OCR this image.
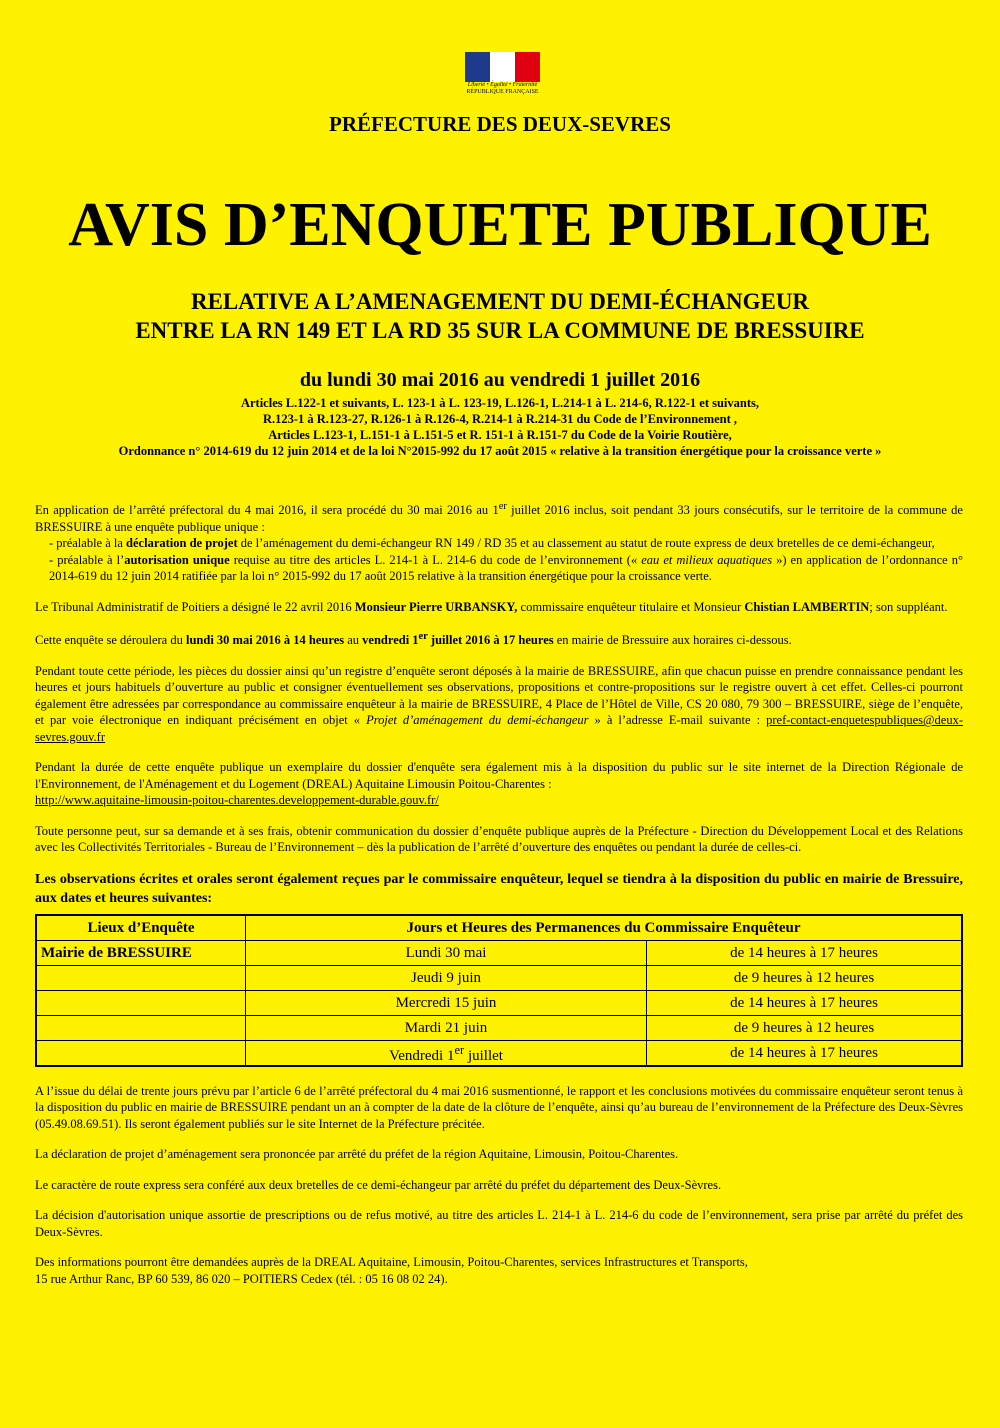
Liberté • Égalité • Fraternité
RÉPUBLIQUE FRANÇAISE
PRÉFECTURE DES DEUX-SEVRES
AVIS D’ENQUETE PUBLIQUE
RELATIVE A L’AMENAGEMENT DU DEMI-ÉCHANGEUR
ENTRE LA RN 149 ET LA RD 35 SUR LA COMMUNE DE BRESSUIRE
du lundi 30 mai 2016 au vendredi 1 juillet 2016
Articles L.122-1 et suivants, L. 123-1 à L. 123-19, L.126-1, L.214-1 à L. 214-6, R.122-1 et suivants,
R.123-1 à R.123-27, R.126-1 à R.126-4, R.214-1 à R.214-31 du Code de l’Environnement ,
Articles L.123-1, L.151-1 à L.151-5 et R. 151-1 à R.151-7 du Code de la Voirie Routière,
Ordonnance n° 2014-619 du 12 juin 2014 et de la loi N°2015-992 du 17 août 2015 « relative à la transition énergétique pour la croissance verte »

En application de l’arrêté préfectoral du 4 mai 2016, il sera procédé du 30 mai 2016 au 1er juillet 2016 inclus, soit pendant 33 jours consécutifs, sur le territoire de la commune de BRESSUIRE à une enquête publique unique :
- préalable à la déclaration de projet de l’aménagement du demi-échangeur RN 149 / RD 35 et au classement au statut de route express de deux bretelles de ce demi-échangeur,
- préalable à l’autorisation unique requise au titre des articles L. 214-1 à L. 214-6 du code de l’environnement (« eau et milieux aquatiques ») en application de l’ordonnance n° 2014-619 du 12 juin 2014 ratifiée par la loi n° 2015-992 du 17 août 2015 relative à la transition énergétique pour la croissance verte.

Le Tribunal Administratif de Poitiers a désigné le 22 avril 2016 Monsieur Pierre URBANSKY, commissaire enquêteur titulaire et Monsieur Chistian LAMBERTIN; son suppléant.

Cette enquête se déroulera du lundi 30 mai 2016 à 14 heures au vendredi 1er juillet 2016 à 17 heures en mairie de Bressuire aux horaires ci-dessous.

Pendant toute cette période, les pièces du dossier ainsi qu’un registre d’enquête seront déposés à la mairie de BRESSUIRE, afin que chacun puisse en prendre connaissance pendant les heures et jours habituels d’ouverture au public et consigner éventuellement ses observations, propositions et contre-propositions sur le registre ouvert à cet effet. Celles-ci pourront également être adressées par correspondance au commissaire enquêteur à la mairie de BRESSUIRE, 4 Place de l’Hôtel de Ville, CS 20 080, 79 300 – BRESSUIRE, siège de l’enquête, et par voie électronique en indiquant précisément en objet « Projet d’aménagement du demi-échangeur » à l’adresse E-mail suivante : pref-contact-enquetespubliques@deux-sevres.gouv.fr

Pendant la durée de cette enquête publique un exemplaire du dossier d'enquête sera également mis à la disposition du public sur le site internet de la Direction Régionale de l'Environnement, de l'Aménagement et du Logement (DREAL) Aquitaine Limousin Poitou-Charentes :
http://www.aquitaine-limousin-poitou-charentes.developpement-durable.gouv.fr/

Toute personne peut, sur sa demande et à ses frais, obtenir communication du dossier d’enquête publique auprès de la Préfecture - Direction du Développement Local et des Relations avec les Collectivités Territoriales - Bureau de l’Environnement – dès la publication de l’arrêté d’ouverture des enquêtes ou pendant la durée de celles-ci.

Les observations écrites et orales seront également reçues par le commissaire enquêteur, lequel se tiendra à la disposition du public en mairie de Bressuire, aux dates et heures suivantes:

Lieux d’Enquête	Jours et Heures des Permanences du Commissaire Enquêteur	
Mairie de BRESSUIRE	Lundi 30 mai	de 14 heures à 17 heures
	Jeudi 9 juin	de 9 heures à 12 heures
	Mercredi 15 juin	de 14 heures à 17 heures
	Mardi 21 juin	de 9 heures à 12 heures
	Vendredi 1er juillet	de 14 heures à 17 heures

A l’issue du délai de trente jours prévu par l’article 6 de l’arrêté préfectoral du 4 mai 2016 susmentionné, le rapport et les conclusions motivées du commissaire enquêteur seront tenus à la disposition du public en mairie de BRESSUIRE pendant un an à compter de la date de la clôture de l’enquête, ainsi qu’au bureau de l’environnement de la Préfecture des Deux-Sèvres (05.49.08.69.51). Ils seront également publiés sur le site Internet de la Préfecture précitée.

La déclaration de projet d’aménagement sera prononcée par arrêté du préfet de la région Aquitaine, Limousin, Poitou-Charentes.

Le caractère de route express sera conféré aux deux bretelles de ce demi-échangeur par arrêté du préfet du département des Deux-Sèvres.

La décision d'autorisation unique assortie de prescriptions ou de refus motivé, au titre des articles L. 214-1 à L. 214-6 du code de l’environnement, sera prise par arrêté du préfet des Deux-Sèvres.

Des informations pourront être demandées auprès de la DREAL Aquitaine, Limousin, Poitou-Charentes, services Infrastructures et Transports,
15 rue Arthur Ranc, BP 60 539, 86 020 – POITIERS Cedex (tél. : 05 16 08 02 24).
